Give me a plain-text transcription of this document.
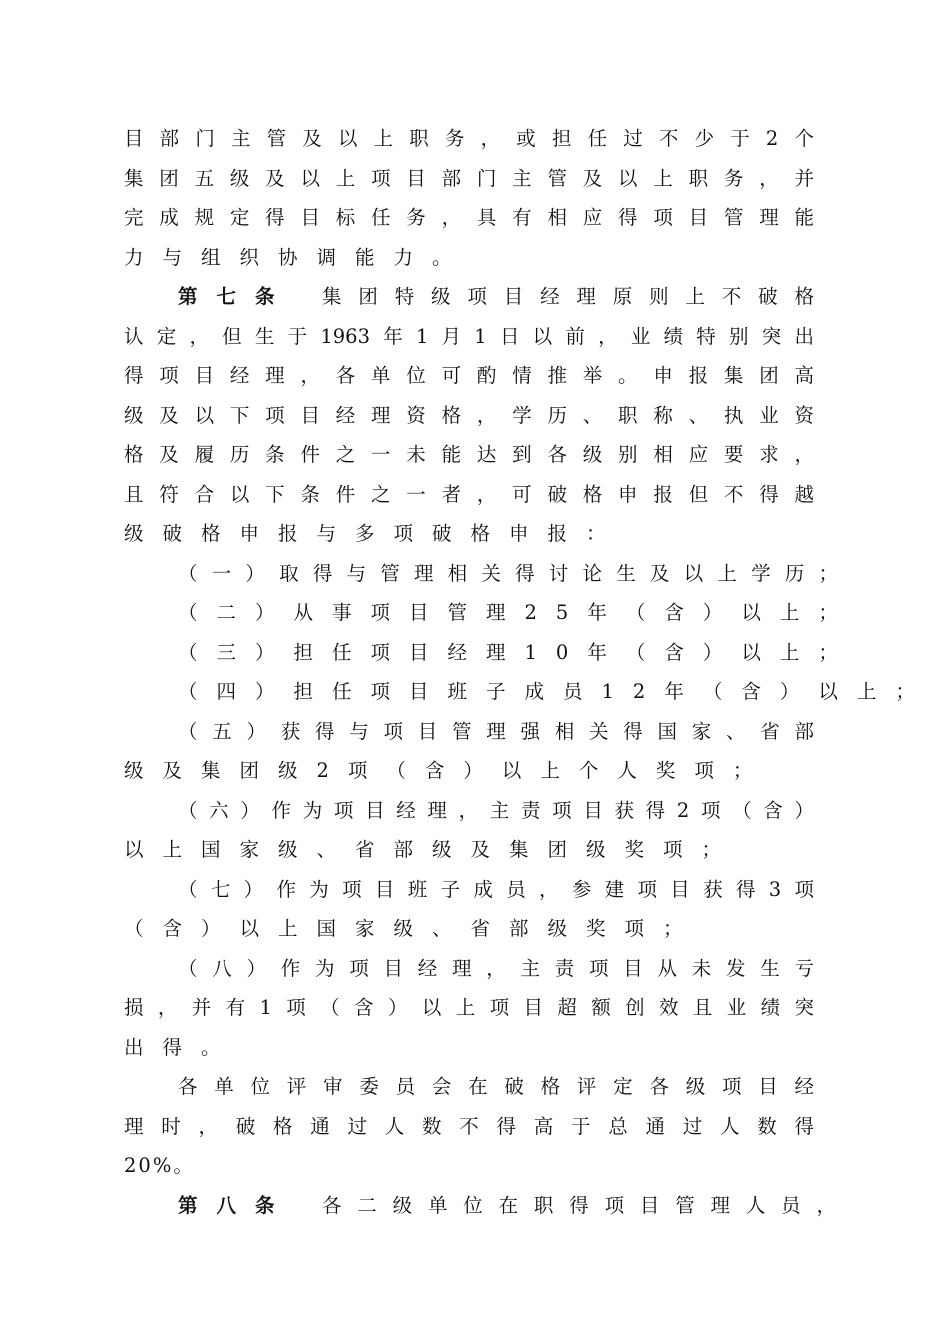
目部门主管及以上职务，或担任过不少于2个
集团五级及以上项目部门主管及以上职务，并
完成规定得目标任务，具有相应得项目管理能
力与组织协调能力。
第七条 集团特级项目经理原则上不破格
认定，但生于1963年1月1日以前，业绩特别突出
得项目经理，各单位可酌情推举。申报集团高
级及以下项目经理资格，学历、职称、执业资
格及履历条件之一未能达到各级别相应要求，
且符合以下条件之一者，可破格申报但不得越
级破格申报与多项破格申报：
（一）取得与管理相关得讨论生及以上学历；
（二）从事项目管理25年（含）以上；
（三）担任项目经理10年（含）以上；
（四）担任项目班子成员12年（含）以上；
（五）获得与项目管理强相关得国家、省部
级及集团级2项（含）以上个人奖项；
（六）作为项目经理，主责项目获得2项（含）
以上国家级、省部级及集团级奖项；
（七）作为项目班子成员，参建项目获得3项
（含）以上国家级、省部级奖项；
（八）作为项目经理，主责项目从未发生亏
损，并有1项（含）以上项目超额创效且业绩突
出得。
各单位评审委员会在破格评定各级项目经
理时，破格通过人数不得高于总通过人数得
20%。
第八条 各二级单位在职得项目管理人员，
